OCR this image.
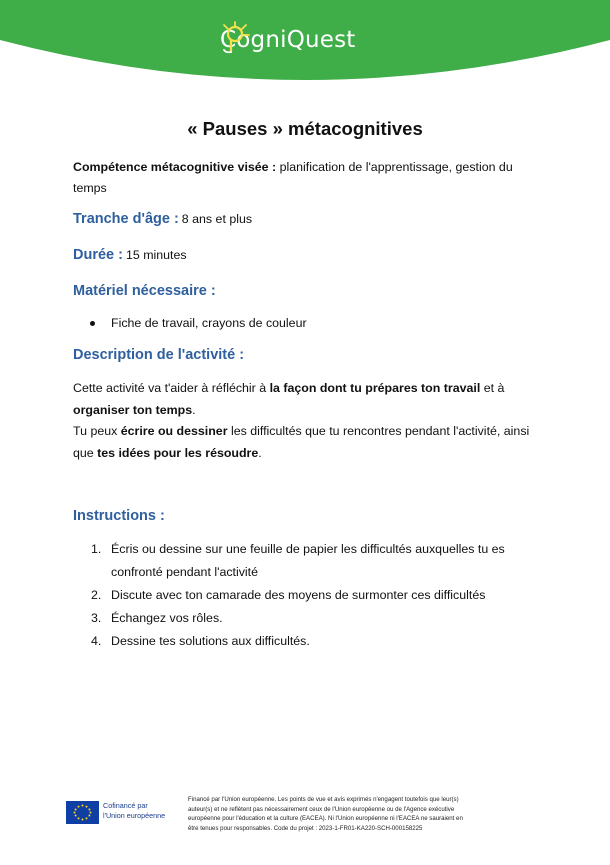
CogniQuest
« Pauses » métacognitives
Compétence métacognitive visée : planification de l'apprentissage, gestion du
temps
Tranche d'âge : 8 ans et plus
Durée : 15 minutes
Matériel nécessaire :
Fiche de travail, crayons de couleur
Description de l'activité :
Cette activité va t'aider à réfléchir à la façon dont tu prépares ton travail et à
organiser ton temps.
Tu peux écrire ou dessiner les difficultés que tu rencontres pendant l'activité, ainsi
que tes idées pour les résoudre.
Instructions :
1. Écris ou dessine sur une feuille de papier les difficultés auxquelles tu es
confronté pendant l'activité
2. Discute avec ton camarade des moyens de surmonter ces difficultés
3. Échangez vos rôles.
4. Dessine tes solutions aux difficultés.
Cofinancé par
l'Union européenne
Financé par l'Union européenne. Les points de vue et avis exprimés n'engagent toutefois que leur(s)
auteur(s) et ne reflètent pas nécessairement ceux de l'Union européenne ou de l'Agence exécutive
européenne pour l'éducation et la culture (EACEA). Ni l'Union européenne ni l'EACEA ne sauraient en
être tenues pour responsables. Code du projet : 2023-1-FR01-KA220-SCH-000158225
